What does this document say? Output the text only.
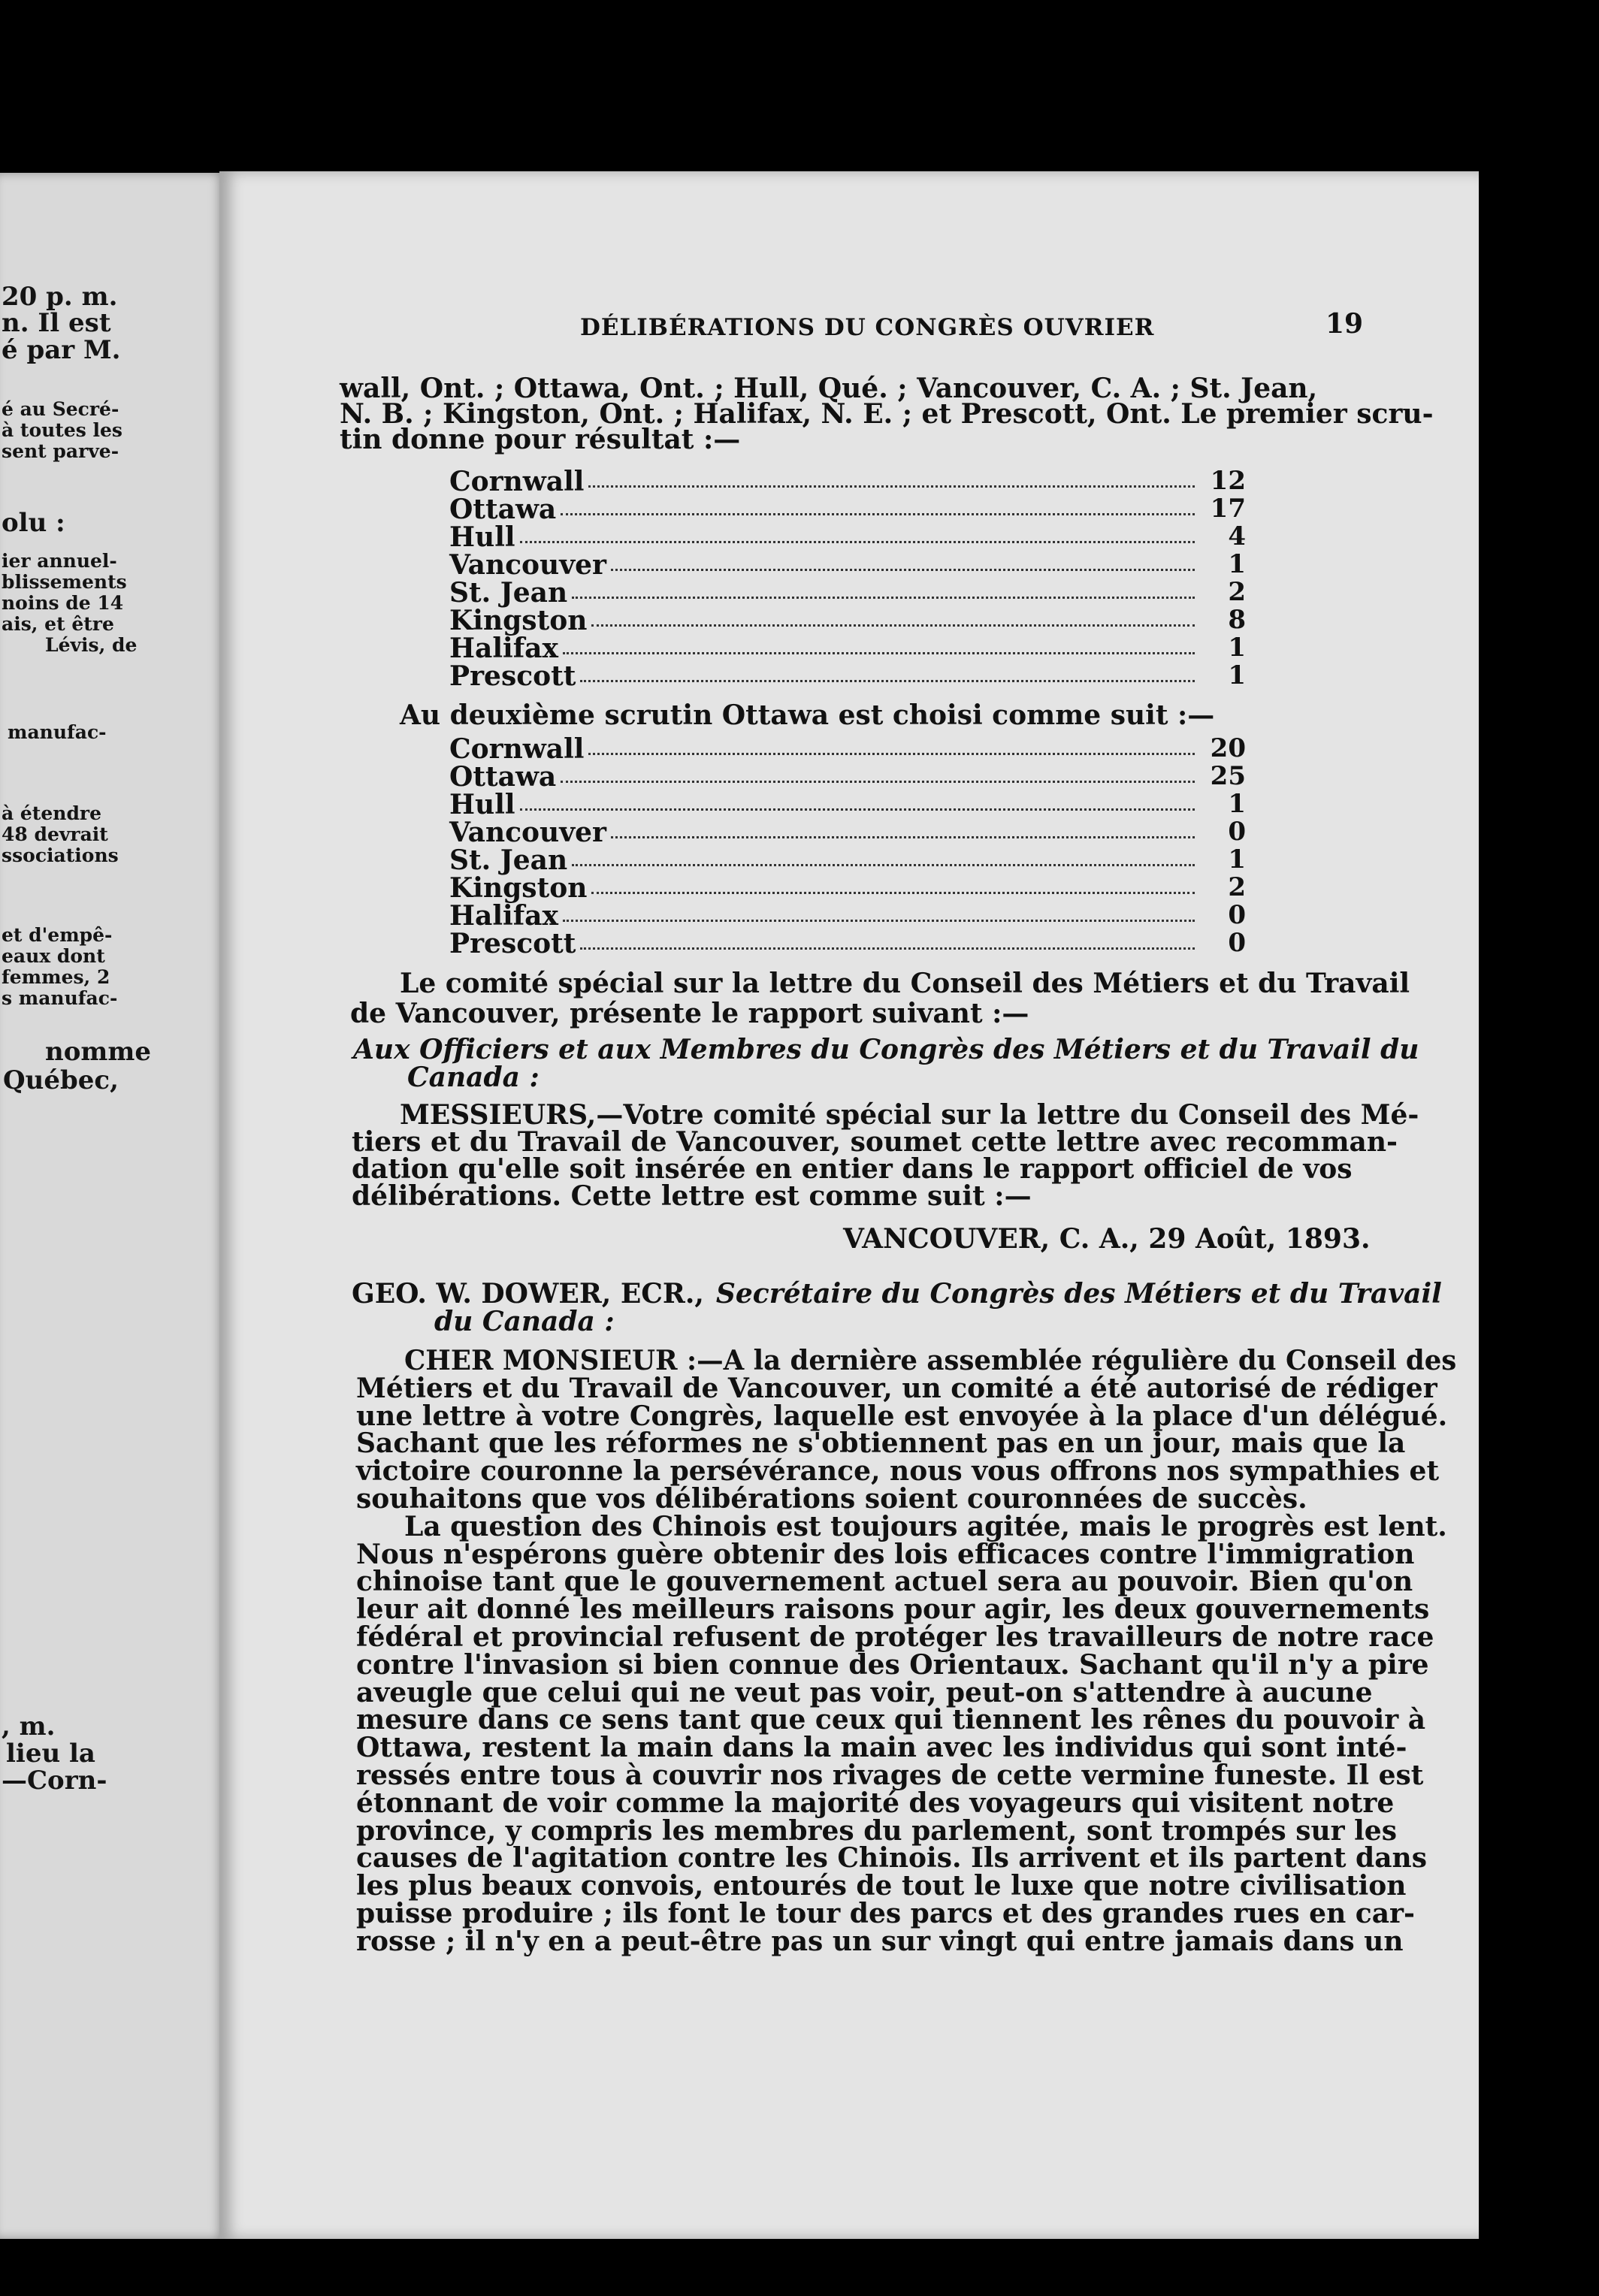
20 p. m.
n. Il est
é par M.
é au Secré-
à toutes les
sent parve-
olu :
ier annuel-
blissements
noins de 14
ais, et être
Lévis, de
manufac-
à étendre
48 devrait
ssociations
et d'empê-
eaux dont
femmes, 2
s manufac-
nomme
Québec,
, m.
lieu la
—Corn-
DÉLIBÉRATIONS DU CONGRÈS OUVRIER	19
wall, Ont. ; Ottawa, Ont. ; Hull, Qué. ; Vancouver, C. A. ; St. Jean,
N. B. ; Kingston, Ont. ; Halifax, N. E. ; et Prescott, Ont. Le premier scru-
tin donne pour résultat :—
Cornwall	12
Ottawa	17
Hull	4
Vancouver	1
St. Jean	2
Kingston	8
Halifax	1
Prescott	1
Au deuxième scrutin Ottawa est choisi comme suit :—
Cornwall	20
Ottawa	25
Hull	1
Vancouver	0
St. Jean	1
Kingston	2
Halifax	0
Prescott	0
Le comité spécial sur la lettre du Conseil des Métiers et du Travail
de Vancouver, présente le rapport suivant :—
Aux Officiers et aux Membres du Congrès des Métiers et du Travail du
Canada :
MESSIEURS,—Votre comité spécial sur la lettre du Conseil des Mé-
tiers et du Travail de Vancouver, soumet cette lettre avec recomman-
dation qu'elle soit insérée en entier dans le rapport officiel de vos
délibérations. Cette lettre est comme suit :—
VANCOUVER, C. A., 29 Août, 1893.
GEO. W. DOWER, ECR., Secrétaire du Congrès des Métiers et du Travail
du Canada :
CHER MONSIEUR :—A la dernière assemblée régulière du Conseil des
Métiers et du Travail de Vancouver, un comité a été autorisé de rédiger
une lettre à votre Congrès, laquelle est envoyée à la place d'un délégué.
Sachant que les réformes ne s'obtiennent pas en un jour, mais que la
victoire couronne la persévérance, nous vous offrons nos sympathies et
souhaitons que vos délibérations soient couronnées de succès.
La question des Chinois est toujours agitée, mais le progrès est lent.
Nous n'espérons guère obtenir des lois efficaces contre l'immigration
chinoise tant que le gouvernement actuel sera au pouvoir. Bien qu'on
leur ait donné les meilleurs raisons pour agir, les deux gouvernements
fédéral et provincial refusent de protéger les travailleurs de notre race
contre l'invasion si bien connue des Orientaux. Sachant qu'il n'y a pire
aveugle que celui qui ne veut pas voir, peut-on s'attendre à aucune
mesure dans ce sens tant que ceux qui tiennent les rênes du pouvoir à
Ottawa, restent la main dans la main avec les individus qui sont inté-
ressés entre tous à couvrir nos rivages de cette vermine funeste. Il est
étonnant de voir comme la majorité des voyageurs qui visitent notre
province, y compris les membres du parlement, sont trompés sur les
causes de l'agitation contre les Chinois. Ils arrivent et ils partent dans
les plus beaux convois, entourés de tout le luxe que notre civilisation
puisse produire ; ils font le tour des parcs et des grandes rues en car-
rosse ; il n'y en a peut-être pas un sur vingt qui entre jamais dans un
